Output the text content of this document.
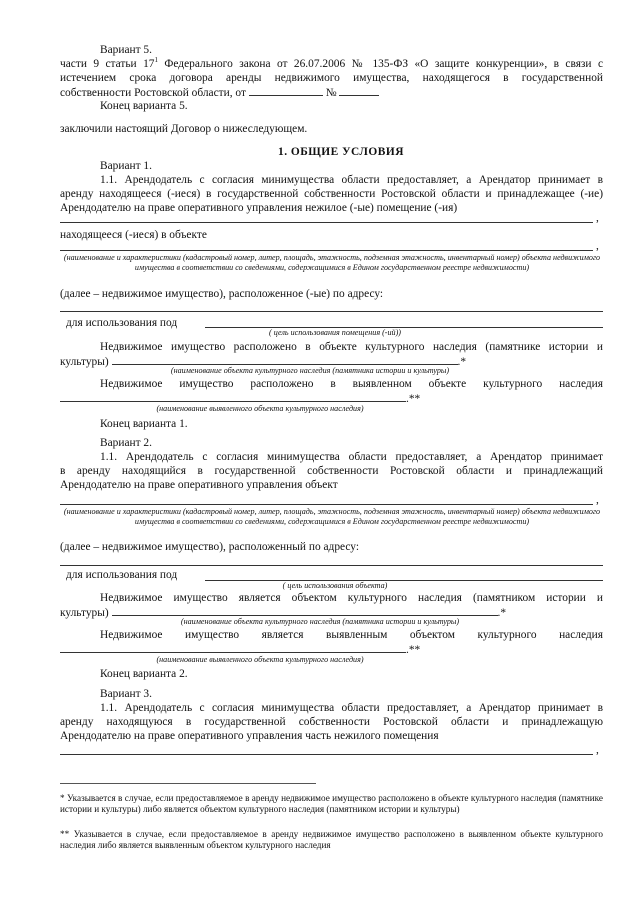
Вариант 5.
части 9 статьи $17^1$ Федерального закона от 26.07.2006 № 135-ФЗ «О защите конкуренции», в связи с
истечением срока договора аренды недвижимого имущества, находящегося в государственной
собственности Ростовской области, от	№
Конец варианта 5.
заключили настоящий Договор о нижеследующем.
1. ОБЩИЕ УСЛОВИЯ
Вариант 1.
1.1. Арендодатель с согласия минимущества области предоставляет, а Арендатор принимает в
аренду находящееся (-иеся) в государственной собственности Ростовской области и принадлежащее (-ие)
Арендодателю на праве оперативного управления нежилое (-ые) помещение (-ия)
,
находящееся (-иеся) в объекте
,
(наименование и характеристики (кадастровый номер, литер, площадь, этажность, подземная этажность, инвентарный номер) объекта недвижимого имущества в соответствии со сведениями, содержащимися в Едином государственном реестре недвижимости)
(далее – недвижимое имущество), расположенное (-ые) по адресу:
для использования под
( цель использования помещения (-ий))
Недвижимое имущество расположено в объекте культурного наследия (памятнике истории и
культуры)	.*
(наименование объекта культурного наследия (памятника истории и культуры)
Недвижимое имущество расположено в выявленном объекте культурного наследия
.**
(наименование выявленного объекта культурного наследия)
Конец варианта 1.
Вариант 2.
1.1. Арендодатель с согласия минимущества области предоставляет, а Арендатор принимает
в аренду находящийся в государственной собственности Ростовской области и принадлежащий
Арендодателю на праве оперативного управления объект
,
(наименование и характеристики (кадастровый номер, литер, площадь, этажность, подземная этажность, инвентарный номер) объекта недвижимого имущества в соответствии со сведениями, содержащимися в Едином государственном реестре недвижимости)
(далее – недвижимое имущество), расположенный по адресу:
для использования под
( цель использования объекта)
Недвижимое имущество является объектом культурного наследия (памятником истории и
культуры)	.*
(наименование объекта культурного наследия (памятника истории и культуры)
Недвижимое имущество является выявленным объектом культурного наследия
.**
(наименование выявленного объекта культурного наследия)
Конец варианта 2.
Вариант 3.
1.1. Арендодатель с согласия минимущества области предоставляет, а Арендатор принимает в
аренду находящуюся в государственной собственности Ростовской области и принадлежащую
Арендодателю на праве оперативного управления часть нежилого помещения
,
* Указывается в случае, если предоставляемое в аренду недвижимое имущество расположено в объекте культурного наследия (памятнике истории и культуры) либо является объектом культурного наследия (памятником истории и культуры)
** Указывается в случае, если предоставляемое в аренду недвижимое имущество расположено в выявленном объекте культурного наследия либо является выявленным объектом культурного наследия
